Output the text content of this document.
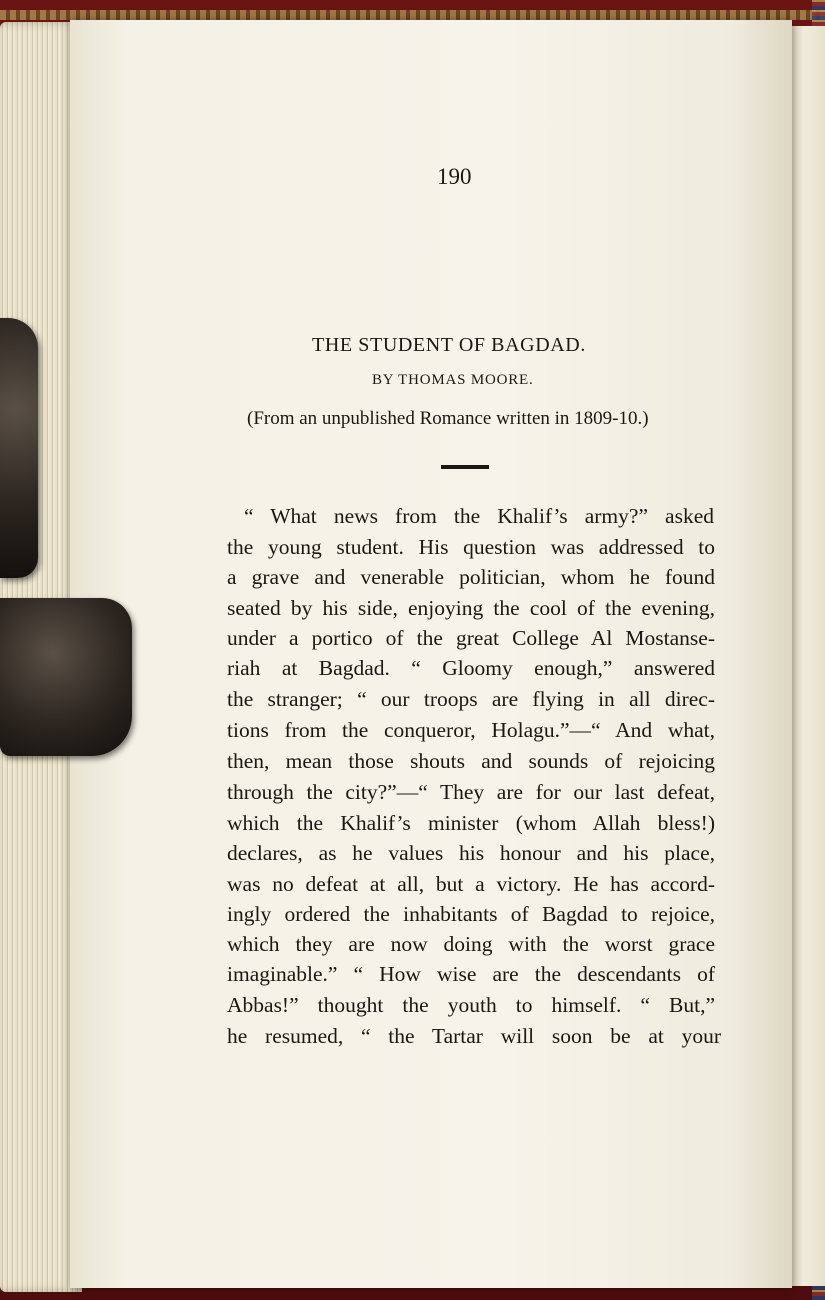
190
THE STUDENT OF BAGDAD.
BY THOMAS MOORE.
(From an unpublished Romance written in 1809-10.)
“ What news from the Khalif’s army?” asked
the young student. His question was addressed to
a grave and venerable politician, whom he found
seated by his side, enjoying the cool of the evening,
under a portico of the great College Al Mostanse-
riah at Bagdad. “ Gloomy enough,” answered
the stranger; “ our troops are flying in all direc-
tions from the conqueror, Holagu.”—“ And what,
then, mean those shouts and sounds of rejoicing
through the city?”—“ They are for our last defeat,
which the Khalif’s minister (whom Allah bless!)
declares, as he values his honour and his place,
was no defeat at all, but a victory. He has accord-
ingly ordered the inhabitants of Bagdad to rejoice,
which they are now doing with the worst grace
imaginable.” “ How wise are the descendants of
Abbas!” thought the youth to himself. “ But,”
he resumed, “ the Tartar will soon be at your
